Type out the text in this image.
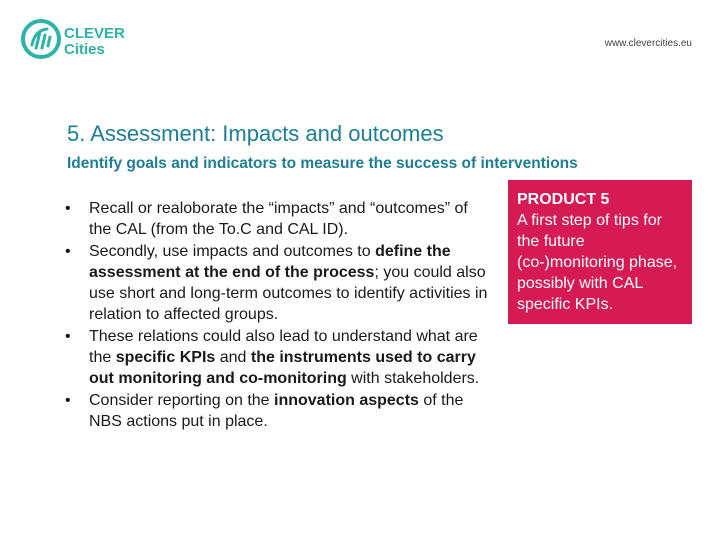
CLEVER
Cities	www.clevercities.eu
5. Assessment: Impacts and outcomes
Identify goals and indicators to measure the success of interventions
• Recall or realoborate the “impacts” and “outcomes” of the CAL (from the To.C and CAL ID).
• Secondly, use impacts and outcomes to define the assessment at the end of the process; you could also use short and long-term outcomes to identify activities in relation to affected groups.
• These relations could also lead to understand what are the specific KPIs and the instruments used to carry out monitoring and co-monitoring with stakeholders.
• Consider reporting on the innovation aspects of the NBS actions put in place.
PRODUCT 5
A first step of tips for the future (co-)monitoring phase, possibly with CAL specific KPIs.
